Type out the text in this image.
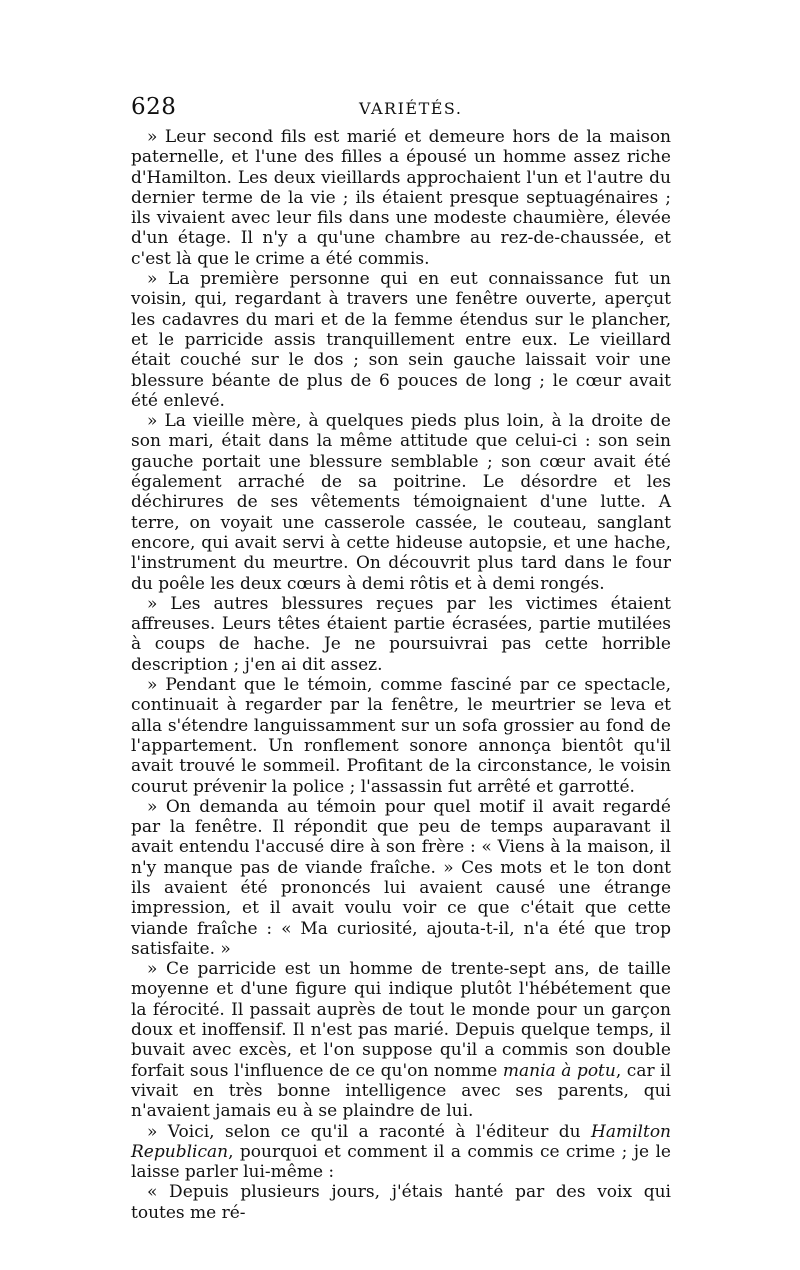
628	VARIÉTÉS.

» Leur second fils est marié et demeure hors de la maison paternelle, et l'une des filles a épousé un homme assez riche d'Hamilton. Les deux vieillards approchaient l'un et l'autre du dernier terme de la vie ; ils étaient presque septuagénaires ; ils vivaient avec leur fils dans une modeste chaumière, élevée d'un étage. Il n'y a qu'une chambre au rez-de-chaussée, et c'est là que le crime a été commis.

» La première personne qui en eut connaissance fut un voisin, qui, regardant à travers une fenêtre ouverte, aperçut les cadavres du mari et de la femme étendus sur le plancher, et le parricide assis tranquillement entre eux. Le vieillard était couché sur le dos ; son sein gauche laissait voir une blessure béante de plus de 6 pouces de long ; le cœur avait été enlevé.

» La vieille mère, à quelques pieds plus loin, à la droite de son mari, était dans la même attitude que celui-ci : son sein gauche portait une blessure semblable ; son cœur avait été également arraché de sa poitrine. Le désordre et les déchirures de ses vêtements témoignaient d'une lutte. A terre, on voyait une casserole cassée, le couteau, sanglant encore, qui avait servi à cette hideuse autopsie, et une hache, l'instrument du meurtre. On découvrit plus tard dans le four du poêle les deux cœurs à demi rôtis et à demi rongés.

» Les autres blessures reçues par les victimes étaient affreuses. Leurs têtes étaient partie écrasées, partie mutilées à coups de hache. Je ne poursuivrai pas cette horrible description ; j'en ai dit assez.

» Pendant que le témoin, comme fasciné par ce spectacle, continuait à regarder par la fenêtre, le meurtrier se leva et alla s'étendre languissamment sur un sofa grossier au fond de l'appartement. Un ronflement sonore annonça bientôt qu'il avait trouvé le sommeil. Profitant de la circonstance, le voisin courut prévenir la police ; l'assassin fut arrêté et garrotté.

» On demanda au témoin pour quel motif il avait regardé par la fenêtre. Il répondit que peu de temps auparavant il avait entendu l'accusé dire à son frère : « Viens à la maison, il n'y manque pas de viande fraîche. » Ces mots et le ton dont ils avaient été prononcés lui avaient causé une étrange impression, et il avait voulu voir ce que c'était que cette viande fraîche : « Ma curiosité, ajouta-t-il, n'a été que trop satisfaite. »

» Ce parricide est un homme de trente-sept ans, de taille moyenne et d'une figure qui indique plutôt l'hébétement que la férocité. Il passait auprès de tout le monde pour un garçon doux et inoffensif. Il n'est pas marié. Depuis quelque temps, il buvait avec excès, et l'on suppose qu'il a commis son double forfait sous l'influence de ce qu'on nomme mania à potu, car il vivait en très bonne intelligence avec ses parents, qui n'avaient jamais eu à se plaindre de lui.

» Voici, selon ce qu'il a raconté à l'éditeur du Hamilton Republican, pourquoi et comment il a commis ce crime ; je le laisse parler lui-même :

« Depuis plusieurs jours, j'étais hanté par des voix qui toutes me ré-
